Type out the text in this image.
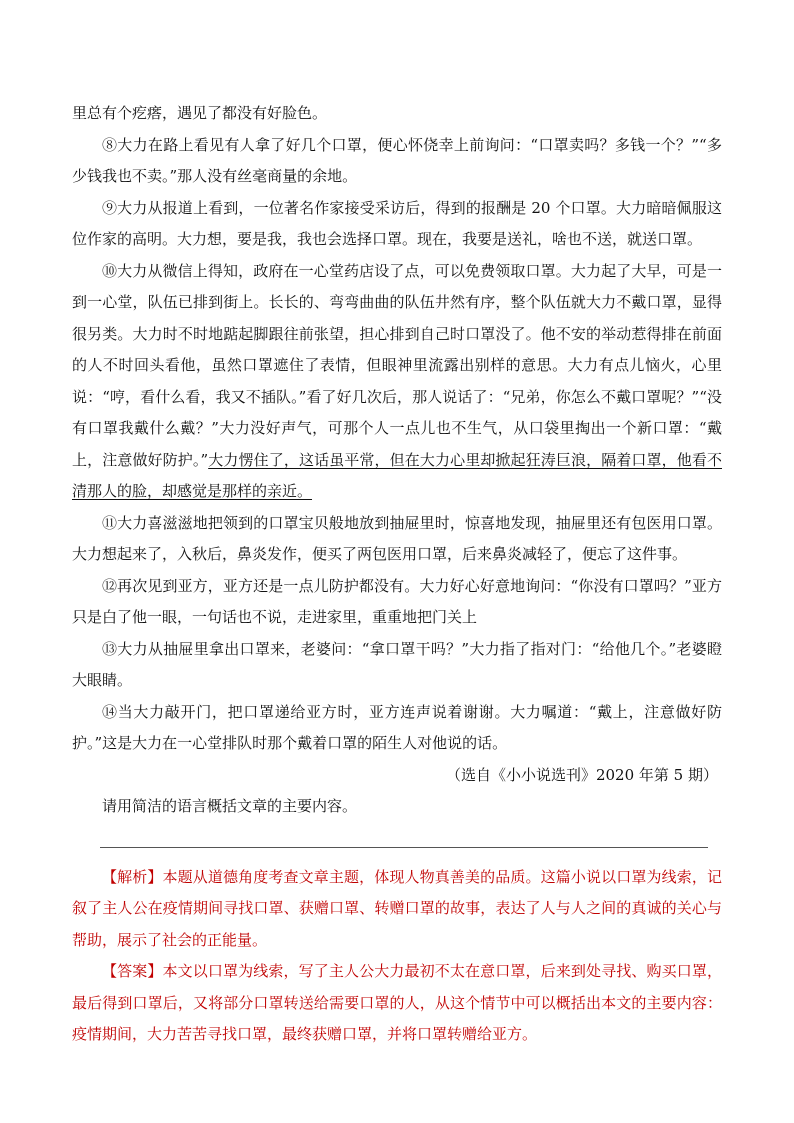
里总有个疙瘩，遇见了都没有好脸色。

⑧大力在路上看见有人拿了好几个口罩，便心怀侥幸上前询问：“口罩卖吗？多钱一个？”“多少钱我也不卖。”那人没有丝毫商量的余地。

⑨大力从报道上看到，一位著名作家接受采访后，得到的报酬是 20 个口罩。大力暗暗佩服这位作家的高明。大力想，要是我，我也会选择口罩。现在，我要是送礼，啥也不送，就送口罩。

⑩大力从微信上得知，政府在一心堂药店设了点，可以免费领取口罩。大力起了大早，可是一到一心堂，队伍已排到街上。长长的、弯弯曲曲的队伍井然有序，整个队伍就大力不戴口罩，显得很另类。大力时不时地踮起脚跟往前张望，担心排到自己时口罩没了。他不安的举动惹得排在前面的人不时回头看他，虽然口罩遮住了表情，但眼神里流露出别样的意思。大力有点儿恼火，心里说：“哼，看什么看，我又不插队。”看了好几次后，那人说话了：“兄弟，你怎么不戴口罩呢？”“没有口罩我戴什么戴？”大力没好声气，可那个人一点儿也不生气，从口袋里掏出一个新口罩：“戴上，注意做好防护。”大力愣住了，这话虽平常，但在大力心里却掀起狂涛巨浪，隔着口罩，他看不清那人的脸，却感觉是那样的亲近。

⑪大力喜滋滋地把领到的口罩宝贝般地放到抽屉里时，惊喜地发现，抽屉里还有包医用口罩。大力想起来了，入秋后，鼻炎发作，便买了两包医用口罩，后来鼻炎减轻了，便忘了这件事。

⑫再次见到亚方，亚方还是一点儿防护都没有。大力好心好意地询问：“你没有口罩吗？”亚方只是白了他一眼，一句话也不说，走进家里，重重地把门关上

⑬大力从抽屉里拿出口罩来，老婆问：“拿口罩干吗？”大力指了指对门：“给他几个。”老婆瞪大眼睛。

⑭当大力敲开门，把口罩递给亚方时，亚方连声说着谢谢。大力嘱道：“戴上，注意做好防护。”这是大力在一心堂排队时那个戴着口罩的陌生人对他说的话。

（选自《小小说选刊》2020 年第 5 期）

请用简洁的语言概括文章的主要内容。

【解析】本题从道德角度考查文章主题，体现人物真善美的品质。这篇小说以口罩为线索，记叙了主人公在疫情期间寻找口罩、获赠口罩、转赠口罩的故事，表达了人与人之间的真诚的关心与帮助，展示了社会的正能量。

【答案】本文以口罩为线索，写了主人公大力最初不太在意口罩，后来到处寻找、购买口罩，最后得到口罩后，又将部分口罩转送给需要口罩的人，从这个情节中可以概括出本文的主要内容：疫情期间，大力苦苦寻找口罩，最终获赠口罩，并将口罩转赠给亚方。
